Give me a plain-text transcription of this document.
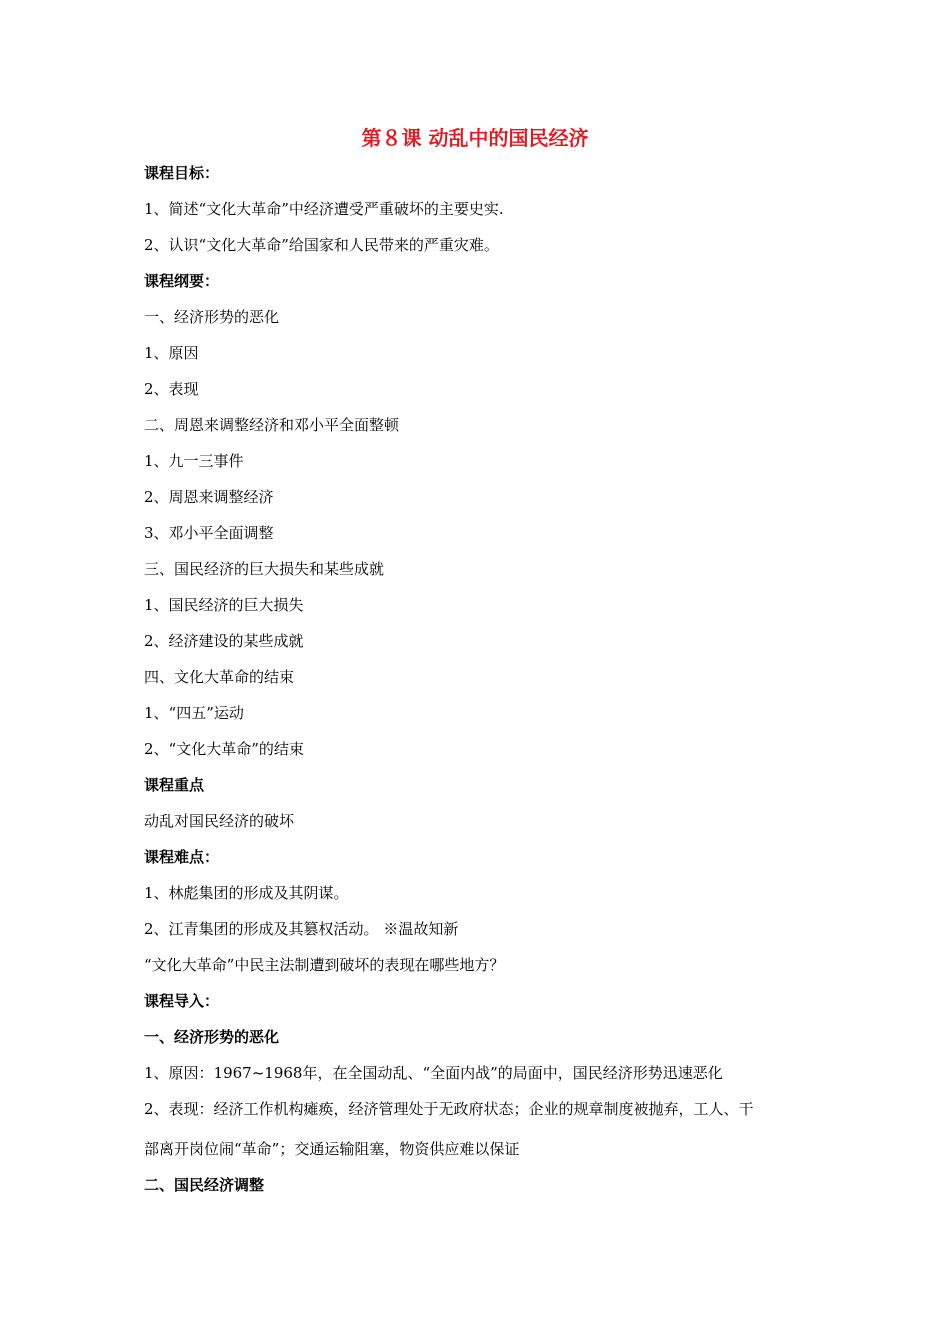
第８课 动乱中的国民经济
课程目标：
1、简述“文化大革命”中经济遭受严重破坏的主要史实.
2、认识“文化大革命”给国家和人民带来的严重灾难。
课程纲要：
一、经济形势的恶化
1、原因
2、表现
二、周恩来调整经济和邓小平全面整顿
1、九一三事件
2、周恩来调整经济
3、邓小平全面调整
三、国民经济的巨大损失和某些成就
1、国民经济的巨大损失
2、经济建设的某些成就
四、文化大革命的结束
1、“四五”运动
2、“文化大革命”的结束
课程重点
动乱对国民经济的破坏
课程难点：
1、林彪集团的形成及其阴谋。
2、江青集团的形成及其篡权活动。 ※温故知新
“文化大革命”中民主法制遭到破坏的表现在哪些地方？
课程导入：
一、经济形势的恶化
1、原因：1967~1968年，在全国动乱、“全面内战”的局面中，国民经济形势迅速恶化
2、表现：经济工作机构瘫痪，经济管理处于无政府状态；企业的规章制度被抛弃，工人、干
部离开岗位闹“革命”；交通运输阻塞，物资供应难以保证
二、国民经济调整
